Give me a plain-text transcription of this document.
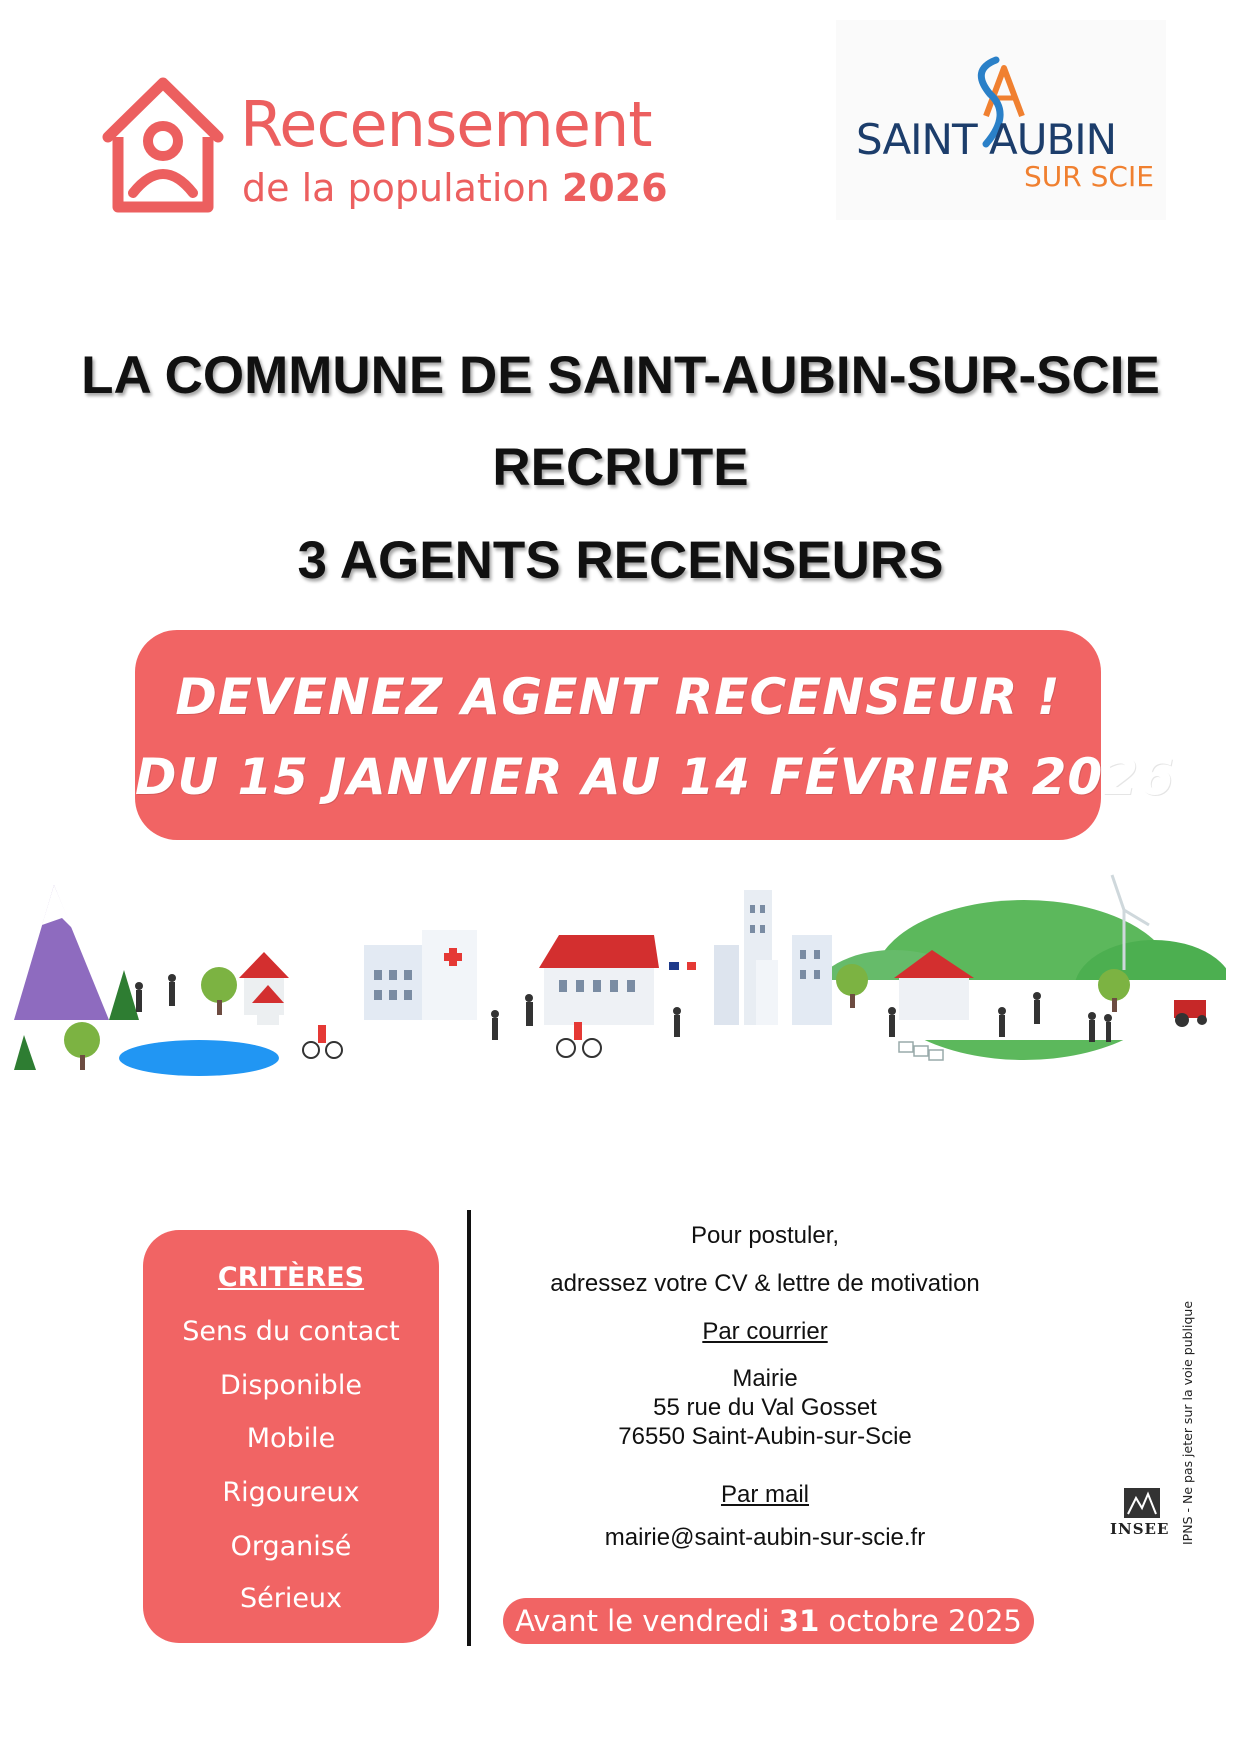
Recensement
de la population 2026
SAINT AUBIN
SUR SCIE
LA COMMUNE DE SAINT-AUBIN-SUR-SCIE
RECRUTE
3 AGENTS RECENSEURS
DEVENEZ AGENT RECENSEUR !
DU 15 JANVIER AU 14 FÉVRIER 2026
CRITÈRES
Sens du contact
Disponible
Mobile
Rigoureux
Organisé
Sérieux
Pour postuler,
adressez votre CV & lettre de motivation
Par courrier
Mairie
55 rue du Val Gosset
76550 Saint-Aubin-sur-Scie
Par mail
mairie@saint-aubin-sur-scie.fr
Avant le vendredi 31 octobre 2025
INSEE IPNS - Ne pas jeter sur la voie publique
